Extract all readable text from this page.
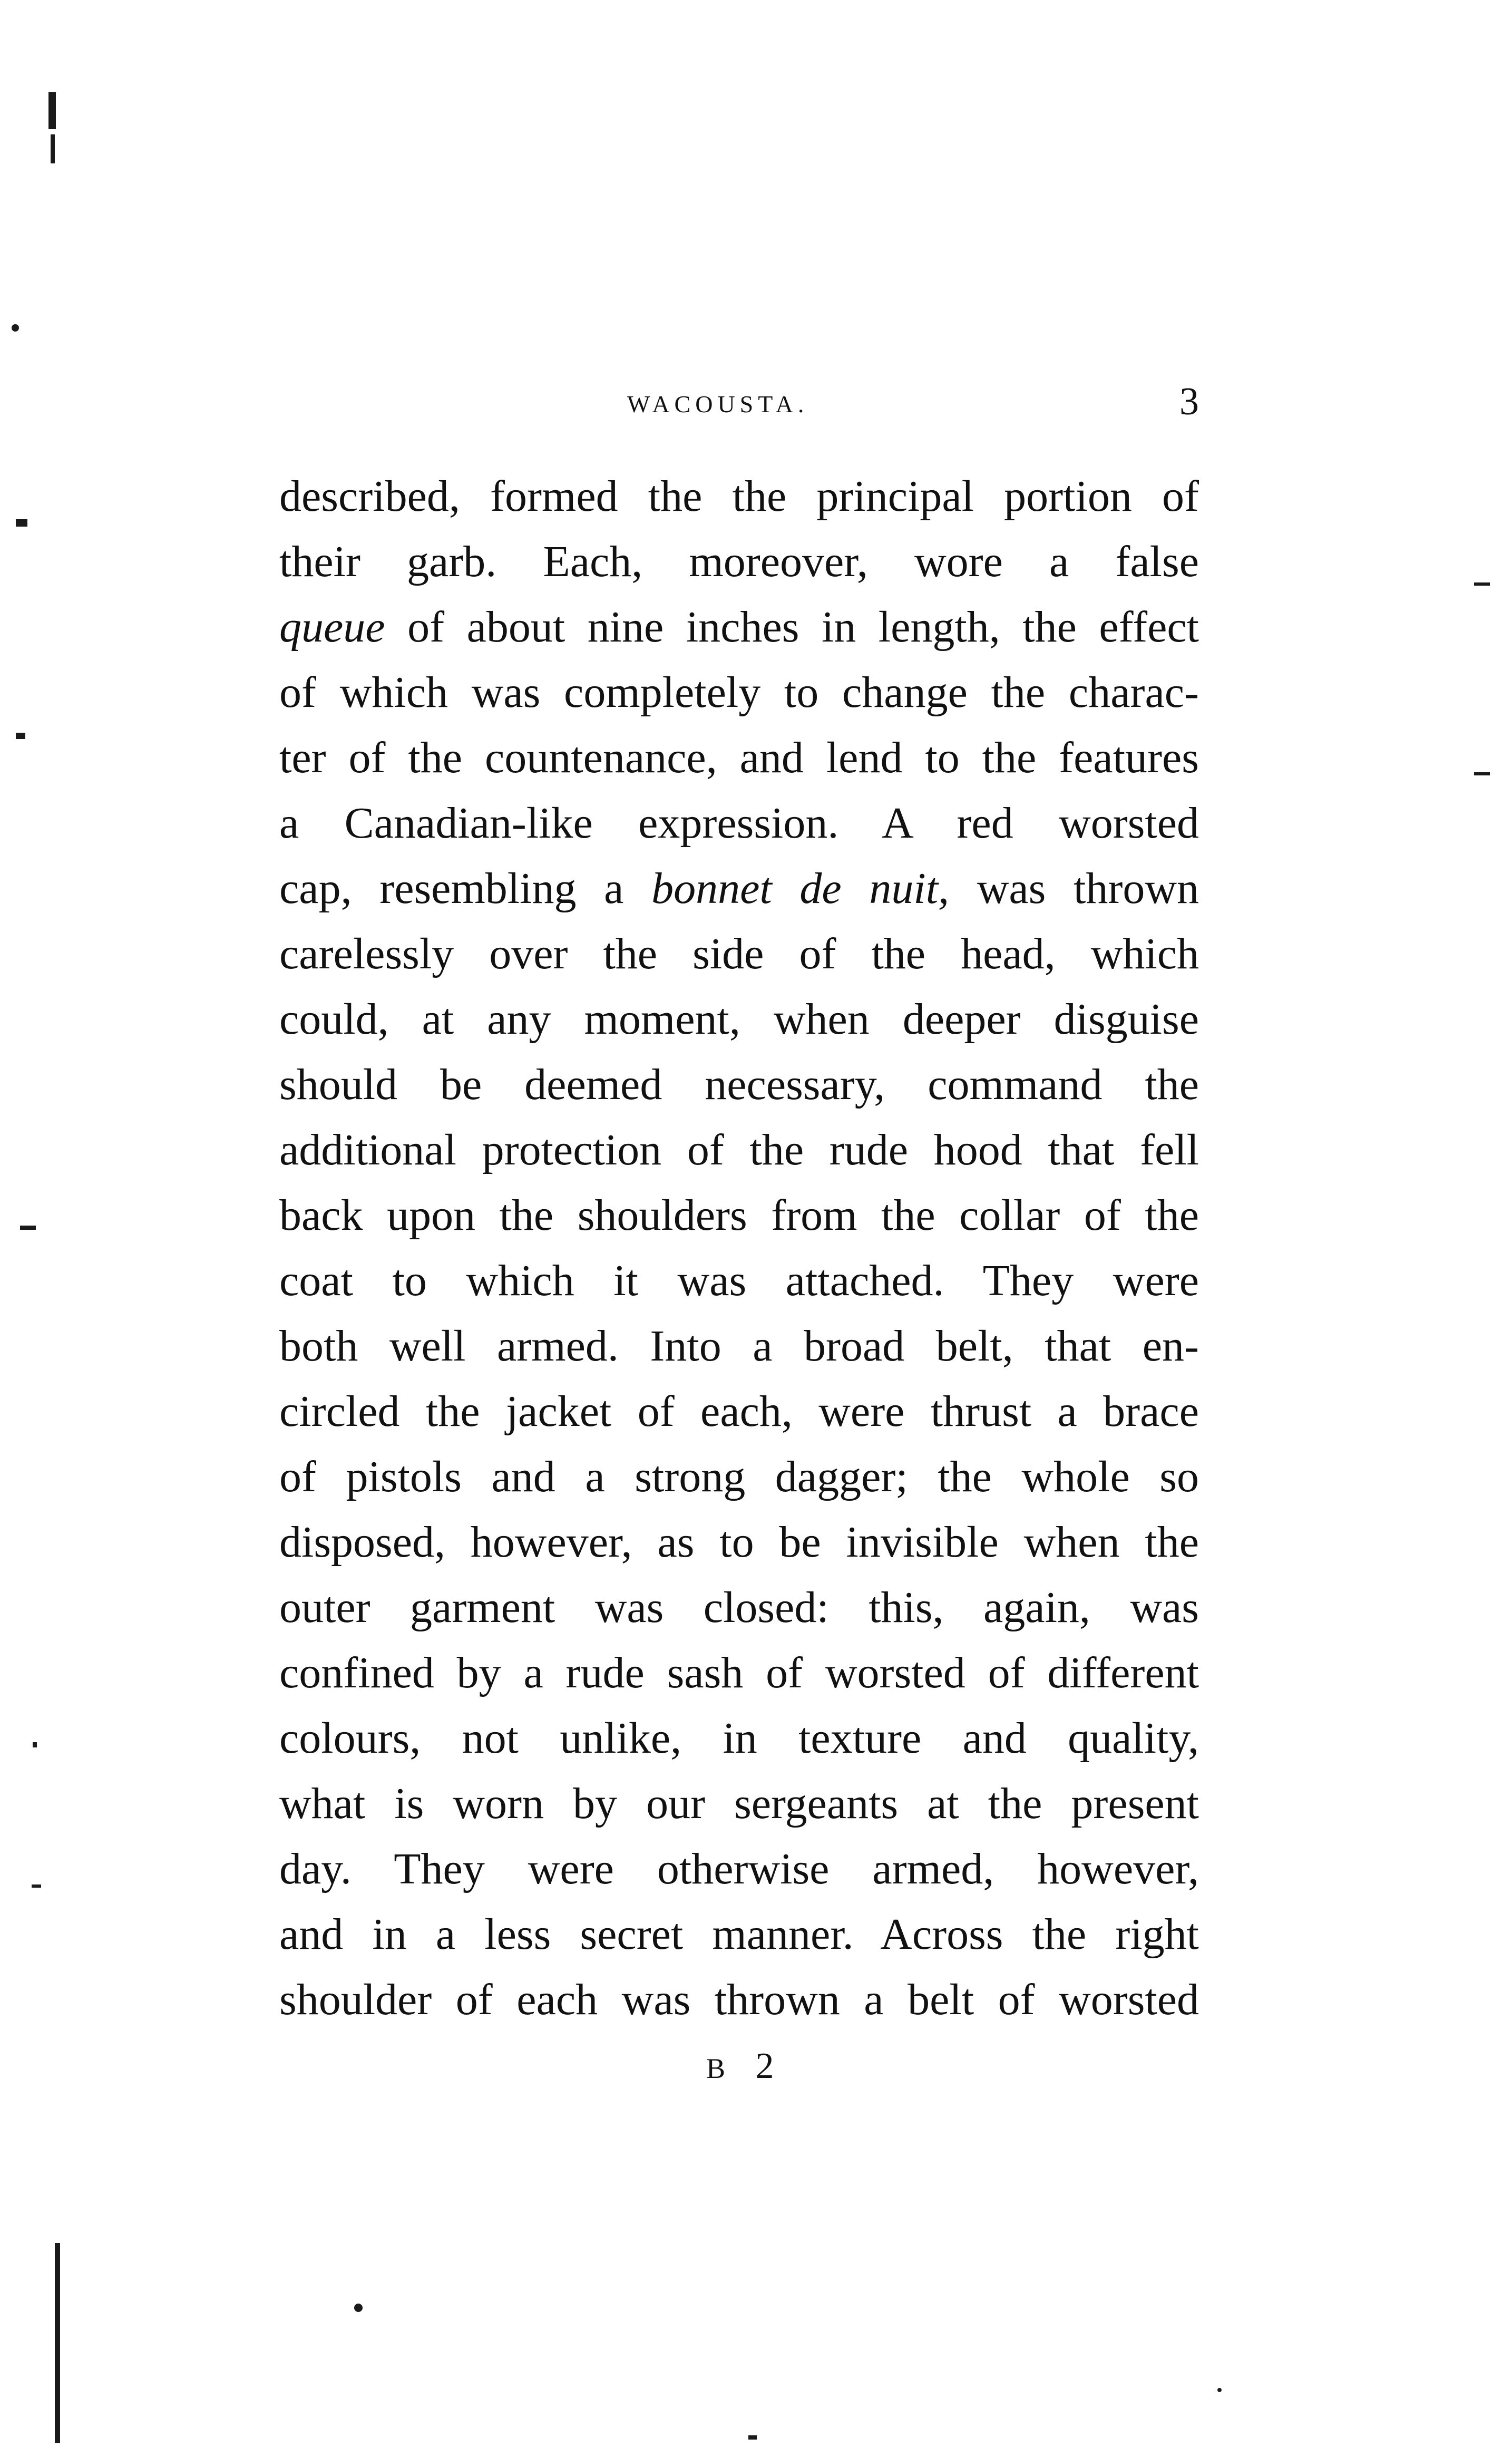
WACOUSTA.	3
described, formed the the principal portion of
their garb. Each, moreover, wore a false
queue of about nine inches in length, the effect
of which was completely to change the charac-
ter of the countenance, and lend to the features
a Canadian-like expression. A red worsted
cap, resembling a bonnet de nuit, was thrown
carelessly over the side of the head, which
could, at any moment, when deeper disguise
should be deemed necessary, command the
additional protection of the rude hood that fell
back upon the shoulders from the collar of the
coat to which it was attached. They were
both well armed. Into a broad belt, that en-
circled the jacket of each, were thrust a brace
of pistols and a strong dagger; the whole so
disposed, however, as to be invisible when the
outer garment was closed: this, again, was
confined by a rude sash of worsted of different
colours, not unlike, in texture and quality,
what is worn by our sergeants at the present
day. They were otherwise armed, however,
and in a less secret manner. Across the right
shoulder of each was thrown a belt of worsted
B 2
